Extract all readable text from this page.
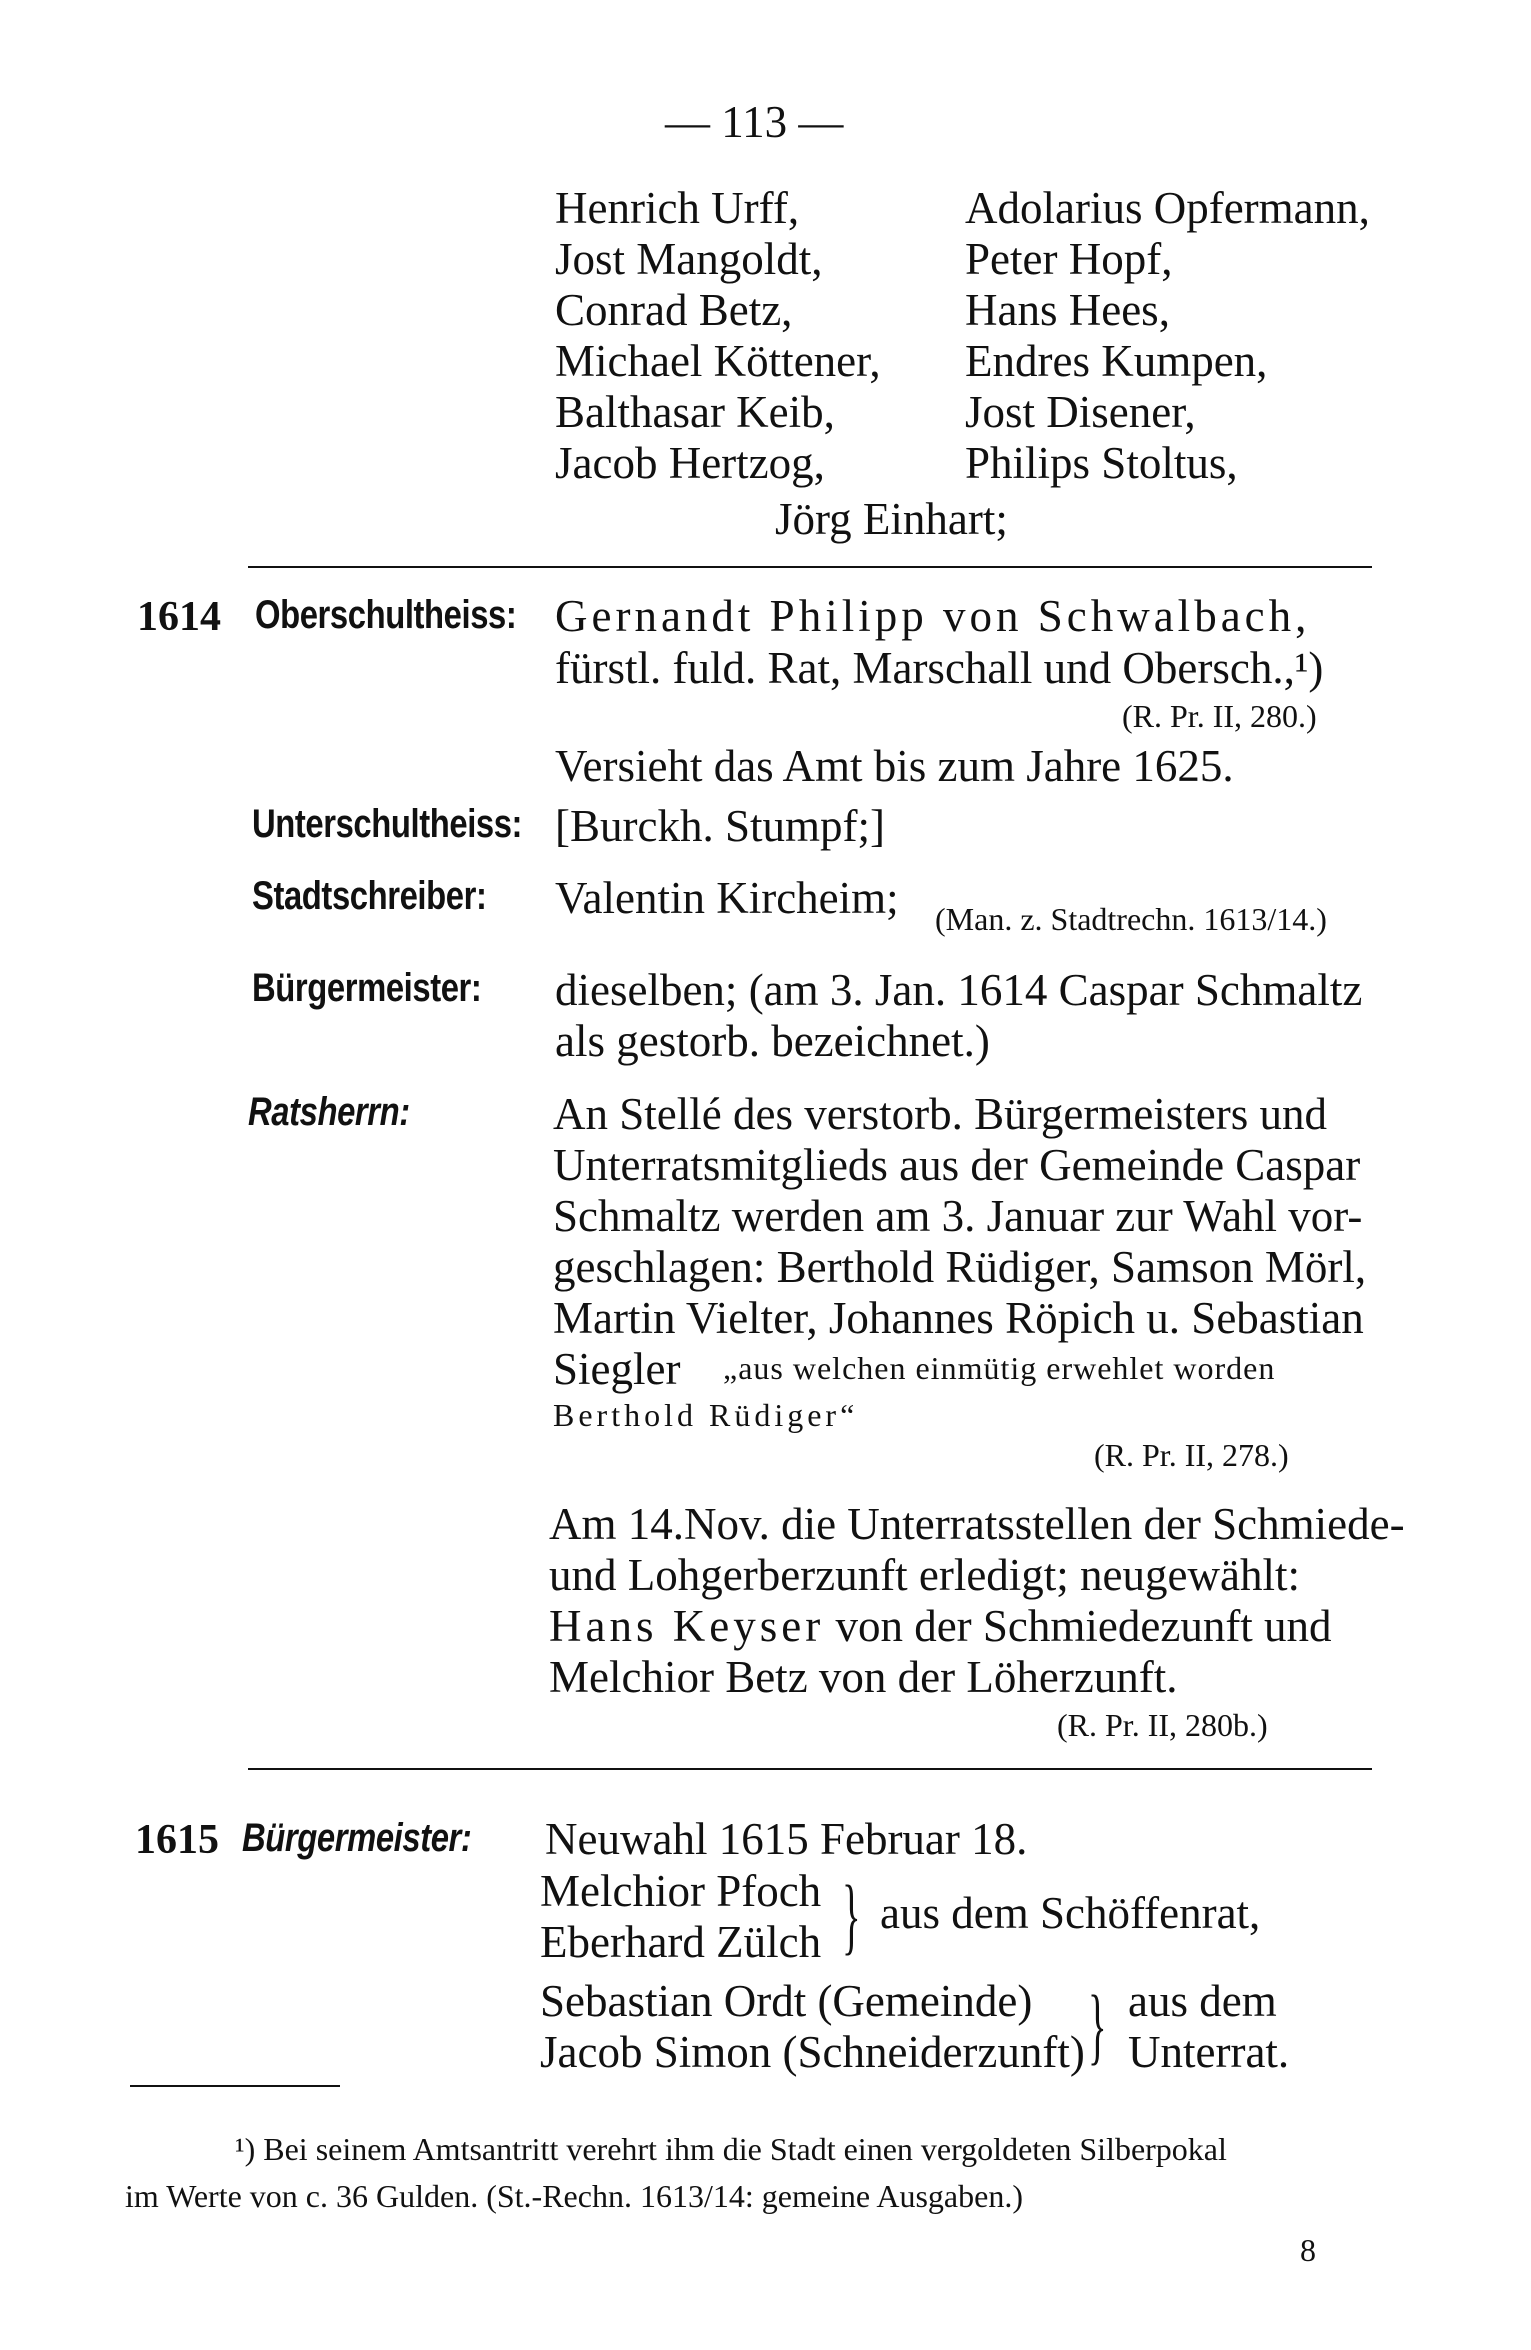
— 113 —
Henrich Urff,
Jost Mangoldt,
Conrad Betz,
Michael Köttener,
Balthasar Keib,
Jacob Hertzog,
Adolarius Opfermann,
Peter Hopf,
Hans Hees,
Endres Kumpen,
Jost Disener,
Philips Stoltus,
Jörg Einhart;
1614 Oberschultheiss: Gernandt Philipp von Schwalbach,
fürstl. fuld. Rat, Marschall und Obersch.,¹)
(R. Pr. II, 280.)
Versieht das Amt bis zum Jahre 1625.
Unterschultheiss: [Burckh. Stumpf;]
Stadtschreiber: Valentin Kircheim; (Man. z. Stadtrechn. 1613/14.)
Bürgermeister: dieselben; (am 3. Jan. 1614 Caspar Schmaltz
als gestorb. bezeichnet.)
Ratsherrn:	An Stellé des verstorb. Bürgermeisters und
Unterratsmitglieds aus der Gemeinde Caspar
Schmaltz werden am 3. Januar zur Wahl vor-
geschlagen: Berthold Rüdiger, Samson Mörl,
Martin Vielter, Johannes Röpich u. Sebastian
Siegler „aus welchen einmütig erwehlet worden
Berthold Rüdiger“
(R. Pr. II, 278.)
Am 14.Nov. die Unterratsstellen der Schmiede-
und Lohgerberzunft erledigt; neugewählt:
Hans Keyser von der Schmiedezunft und
Melchior Betz von der Löherzunft.
(R. Pr. II, 280b.)
1615 Bürgermeister: Neuwahl 1615 Februar 18.
Melchior Pfoch
Eberhard Zülch } aus dem Schöffenrat,
Sebastian Ordt (Gemeinde)
Jacob Simon (Schneiderzunft) } aus dem
Unterrat.
¹) Bei seinem Amtsantritt verehrt ihm die Stadt einen vergoldeten Silberpokal
im Werte von c. 36 Gulden. (St.-Rechn. 1613/14: gemeine Ausgaben.)
8
